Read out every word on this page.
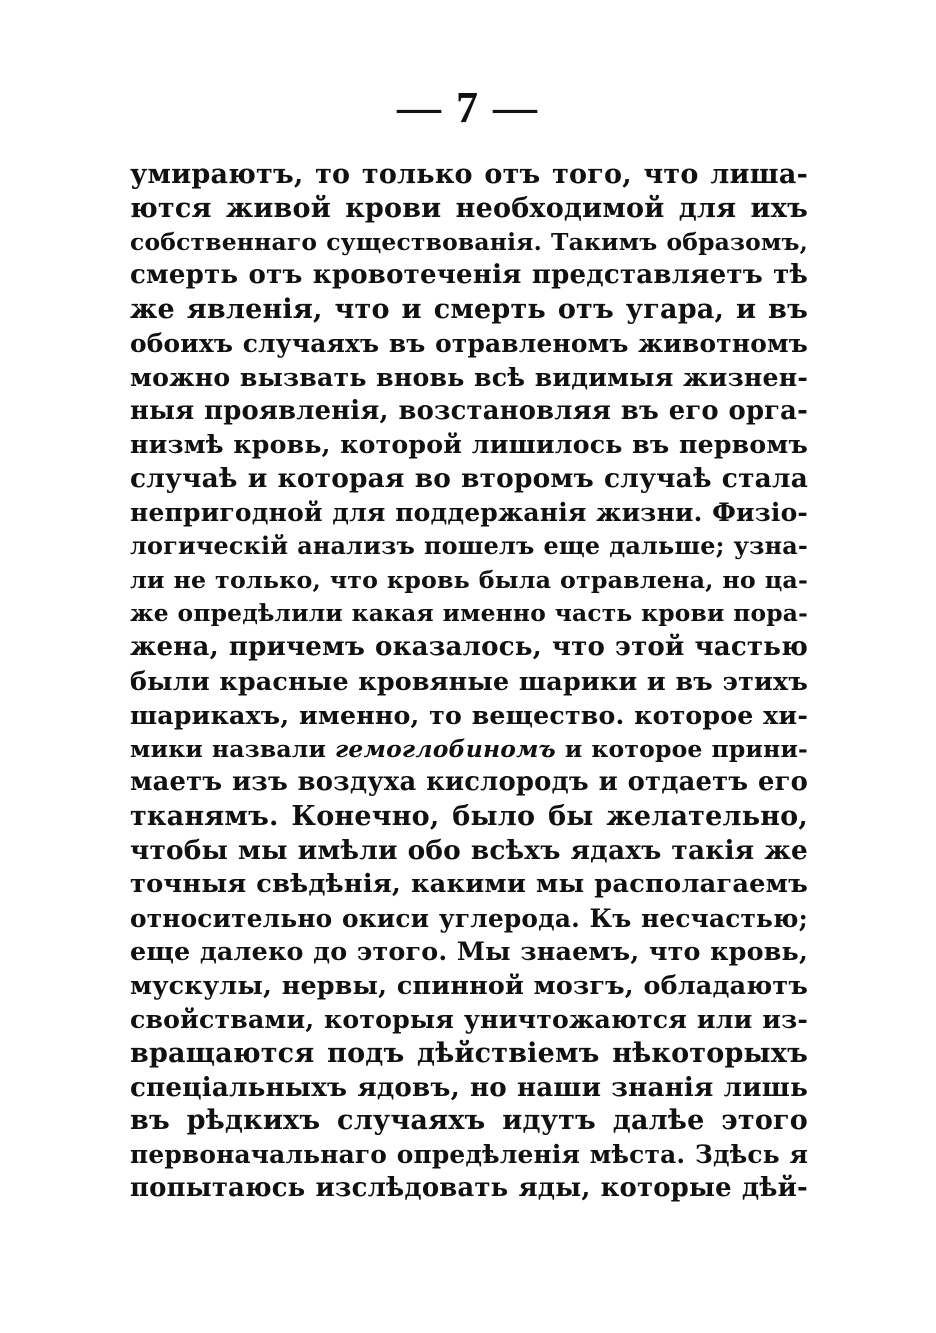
— 7 —
умираютъ, то только отъ того, что лиша-
ются живой крови необходимой для ихъ
собственнаго существованія. Такимъ образомъ,
смерть отъ кровотеченія представляетъ тѣ
же явленія, что и смерть отъ угара, и въ
обоихъ случаяхъ въ отравленомъ животномъ
можно вызвать вновь всѣ видимыя жизнен-
ныя проявленія, возстановляя въ его орга-
низмѣ кровь, которой лишилось въ первомъ
случаѣ и которая во второмъ случаѣ стала
непригодной для поддержанія жизни. Физіо-
логическій анализъ пошелъ еще дальше; узна-
ли не только, что кровь была отравлена, но ца-
же опредѣлили какая именно часть крови пора-
жена, причемъ оказалось, что этой частью
были красные кровяные шарики и въ этихъ
шарикахъ, именно, то вещество. которое хи-
мики назвали гемоглобиномъ и которое прини-
маетъ изъ воздуха кислородъ и отдаетъ его
тканямъ. Конечно, было бы желательно,
чтобы мы имѣли обо всѣхъ ядахъ такія же
точныя свѣдѣнія, какими мы располагаемъ
относительно окиси углерода. Къ несчастью;
еще далеко до этого. Мы знаемъ, что кровь,
мускулы, нервы, спинной мозгъ, обладаютъ
свойствами, которыя уничтожаются или из-
вращаются подъ дѣйствіемъ нѣкоторыхъ
спеціальныхъ ядовъ, но наши знанія лишь
въ рѣдкихъ случаяхъ идутъ далѣе этого
первоначальнаго опредѣленія мѣста. Здѣсь я
попытаюсь изслѣдовать яды, которые дѣй-
